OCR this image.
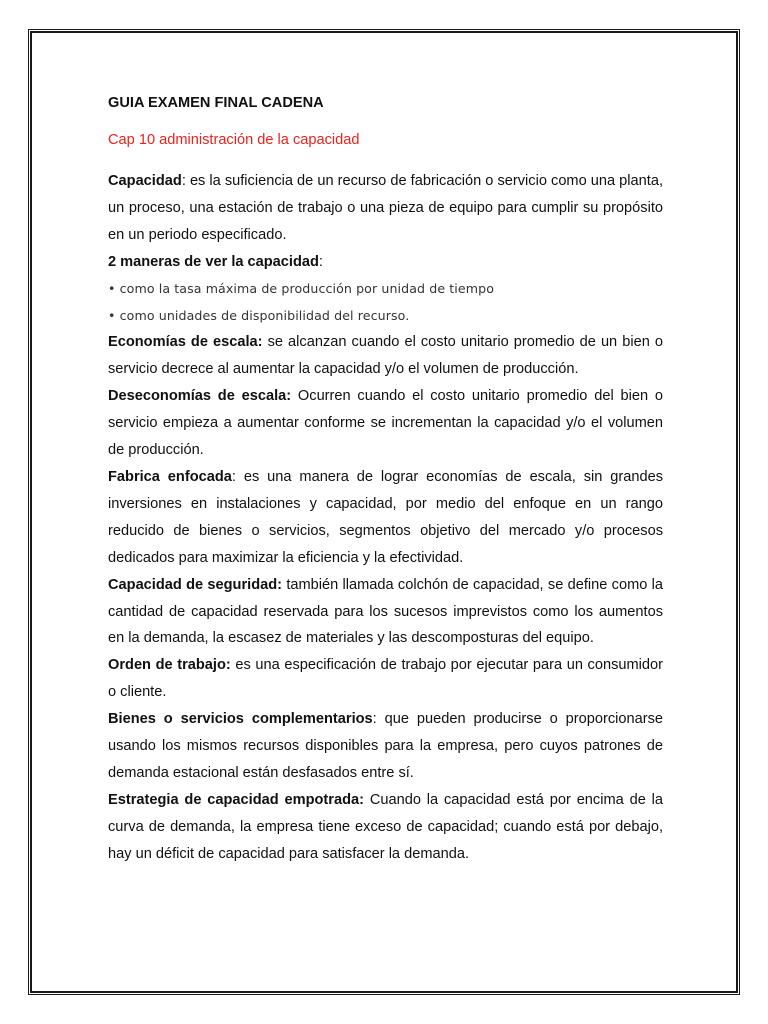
GUIA EXAMEN FINAL CADENA

Cap 10 administración de la capacidad

Capacidad: es la suficiencia de un recurso de fabricación o servicio como una planta, un proceso, una estación de trabajo o una pieza de equipo para cumplir su propósito en un periodo especificado.

2 maneras de ver la capacidad:

• como la tasa máxima de producción por unidad de tiempo

• como unidades de disponibilidad del recurso.

Economías de escala: se alcanzan cuando el costo unitario promedio de un bien o servicio decrece al aumentar la capacidad y/o el volumen de producción.

Deseconomías de escala: Ocurren cuando el costo unitario promedio del bien o servicio empieza a aumentar conforme se incrementan la capacidad y/o el volumen de producción.

Fabrica enfocada: es una manera de lograr economías de escala, sin grandes inversiones en instalaciones y capacidad, por medio del enfoque en un rango reducido de bienes o servicios, segmentos objetivo del mercado y/o procesos dedicados para maximizar la eficiencia y la efectividad.

Capacidad de seguridad: también llamada colchón de capacidad, se define como la cantidad de capacidad reservada para los sucesos imprevistos como los aumentos en la demanda, la escasez de materiales y las descomposturas del equipo.

Orden de trabajo: es una especificación de trabajo por ejecutar para un consumidor o cliente.

Bienes o servicios complementarios: que pueden producirse o proporcionarse usando los mismos recursos disponibles para la empresa, pero cuyos patrones de demanda estacional están desfasados entre sí.

Estrategia de capacidad empotrada: Cuando la capacidad está por encima de la curva de demanda, la empresa tiene exceso de capacidad; cuando está por debajo, hay un déficit de capacidad para satisfacer la demanda.
